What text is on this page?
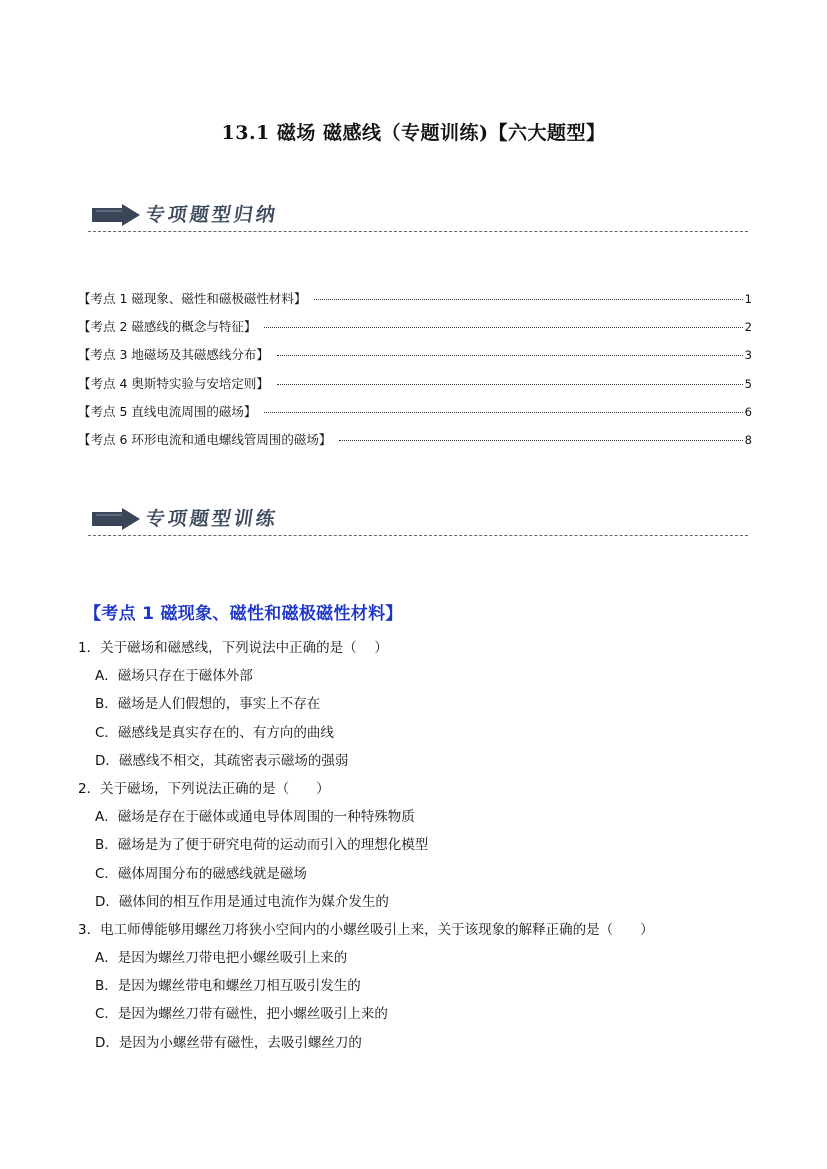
13.1 磁场 磁感线（专题训练)【六大题型】
专项题型归纳
【考点 1 磁现象、磁性和磁极磁性材料】	1
【考点 2 磁感线的概念与特征】	2
【考点 3 地磁场及其磁感线分布】	3
【考点 4 奥斯特实验与安培定则】	5
【考点 5 直线电流周围的磁场】	6
【考点 6 环形电流和通电螺线管周围的磁场】	8
专项题型训练
【考点 1 磁现象、磁性和磁极磁性材料】
1．关于磁场和磁感线，下列说法中正确的是（　 ）
A．磁场只存在于磁体外部
B．磁场是人们假想的，事实上不存在
C．磁感线是真实存在的、有方向的曲线
D．磁感线不相交，其疏密表示磁场的强弱
2．关于磁场，下列说法正确的是（　　）
A．磁场是存在于磁体或通电导体周围的一种特殊物质
B．磁场是为了便于研究电荷的运动而引入的理想化模型
C．磁体周围分布的磁感线就是磁场
D．磁体间的相互作用是通过电流作为媒介发生的
3．电工师傅能够用螺丝刀将狭小空间内的小螺丝吸引上来，关于该现象的解释正确的是（　　）
A．是因为螺丝刀带电把小螺丝吸引上来的
B．是因为螺丝带电和螺丝刀相互吸引发生的
C．是因为螺丝刀带有磁性，把小螺丝吸引上来的
D．是因为小螺丝带有磁性，去吸引螺丝刀的
